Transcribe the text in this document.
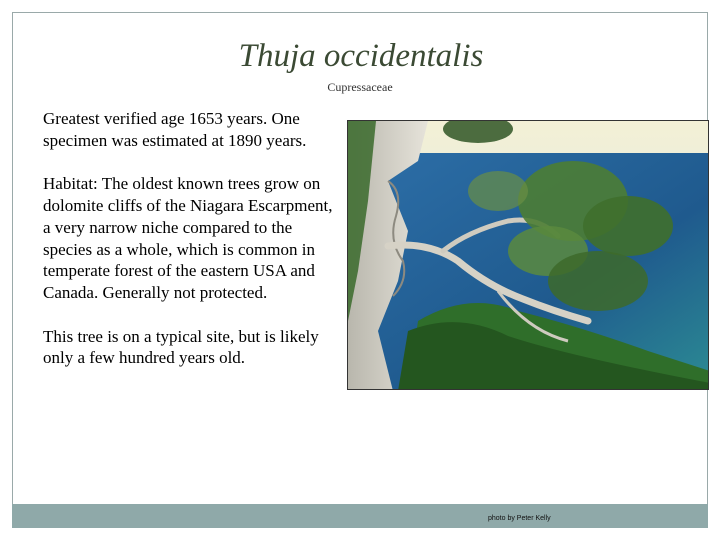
Thuja occidentalis
Cupressaceae

Greatest verified age 1653 years. One specimen was estimated at 1890 years.

Habitat: The oldest known trees grow on dolomite cliffs of the Niagara Escarpment, a very narrow niche compared to the species as a whole, which is common in temperate forest of the eastern USA and Canada. Generally not protected.

This tree is on a typical site, but is likely only a few hundred years old.

photo by Peter Kelly
